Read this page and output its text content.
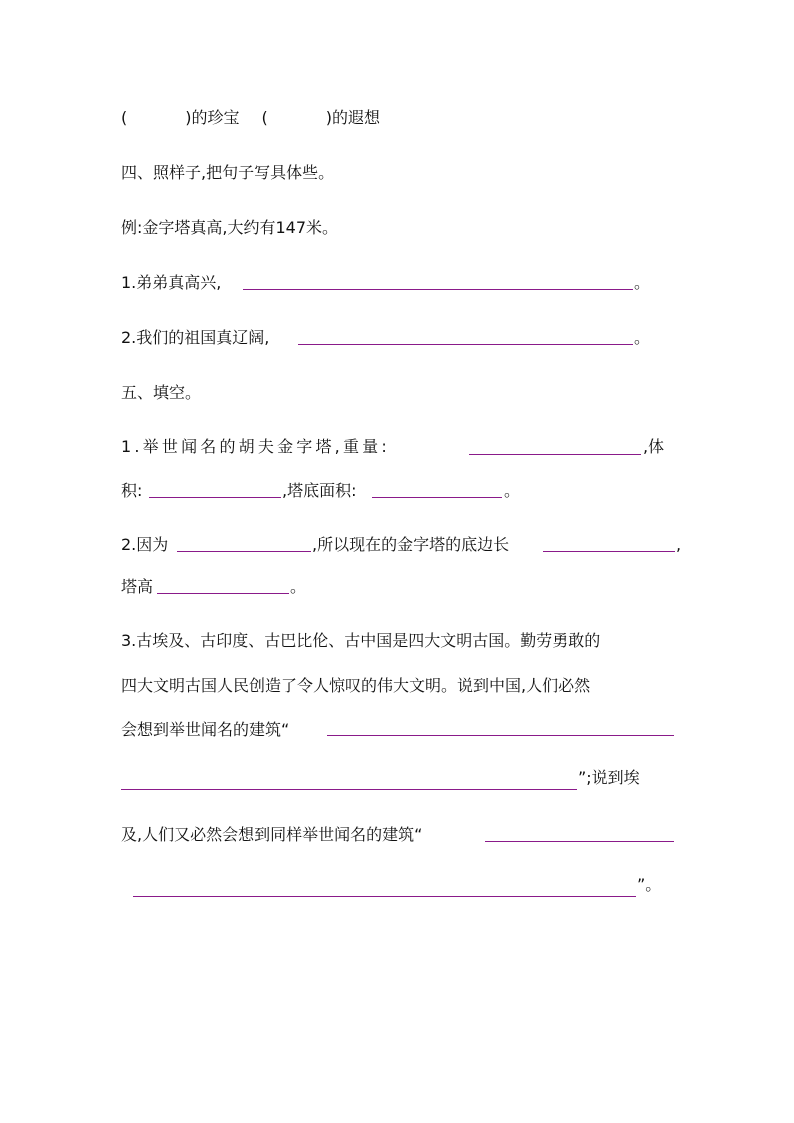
(	)的珍宝 (	)的遐想
四、照样子,把句子写具体些。
例:金字塔真高,大约有147米。
1.弟弟真高兴,	。
2.我们的祖国真辽阔,	。
五、填空。
1.举世闻名的胡夫金字塔,重量:	,体
积:	,塔底面积:	。
2.因为	,所以现在的金字塔的底边长	,
塔高	。
3.古埃及、古印度、古巴比伦、古中国是四大文明古国。勤劳勇敢的
四大文明古国人民创造了令人惊叹的伟大文明。说到中国,人们必然
会想到举世闻名的建筑“
”;说到埃
及,人们又必然会想到同样举世闻名的建筑“
”。
